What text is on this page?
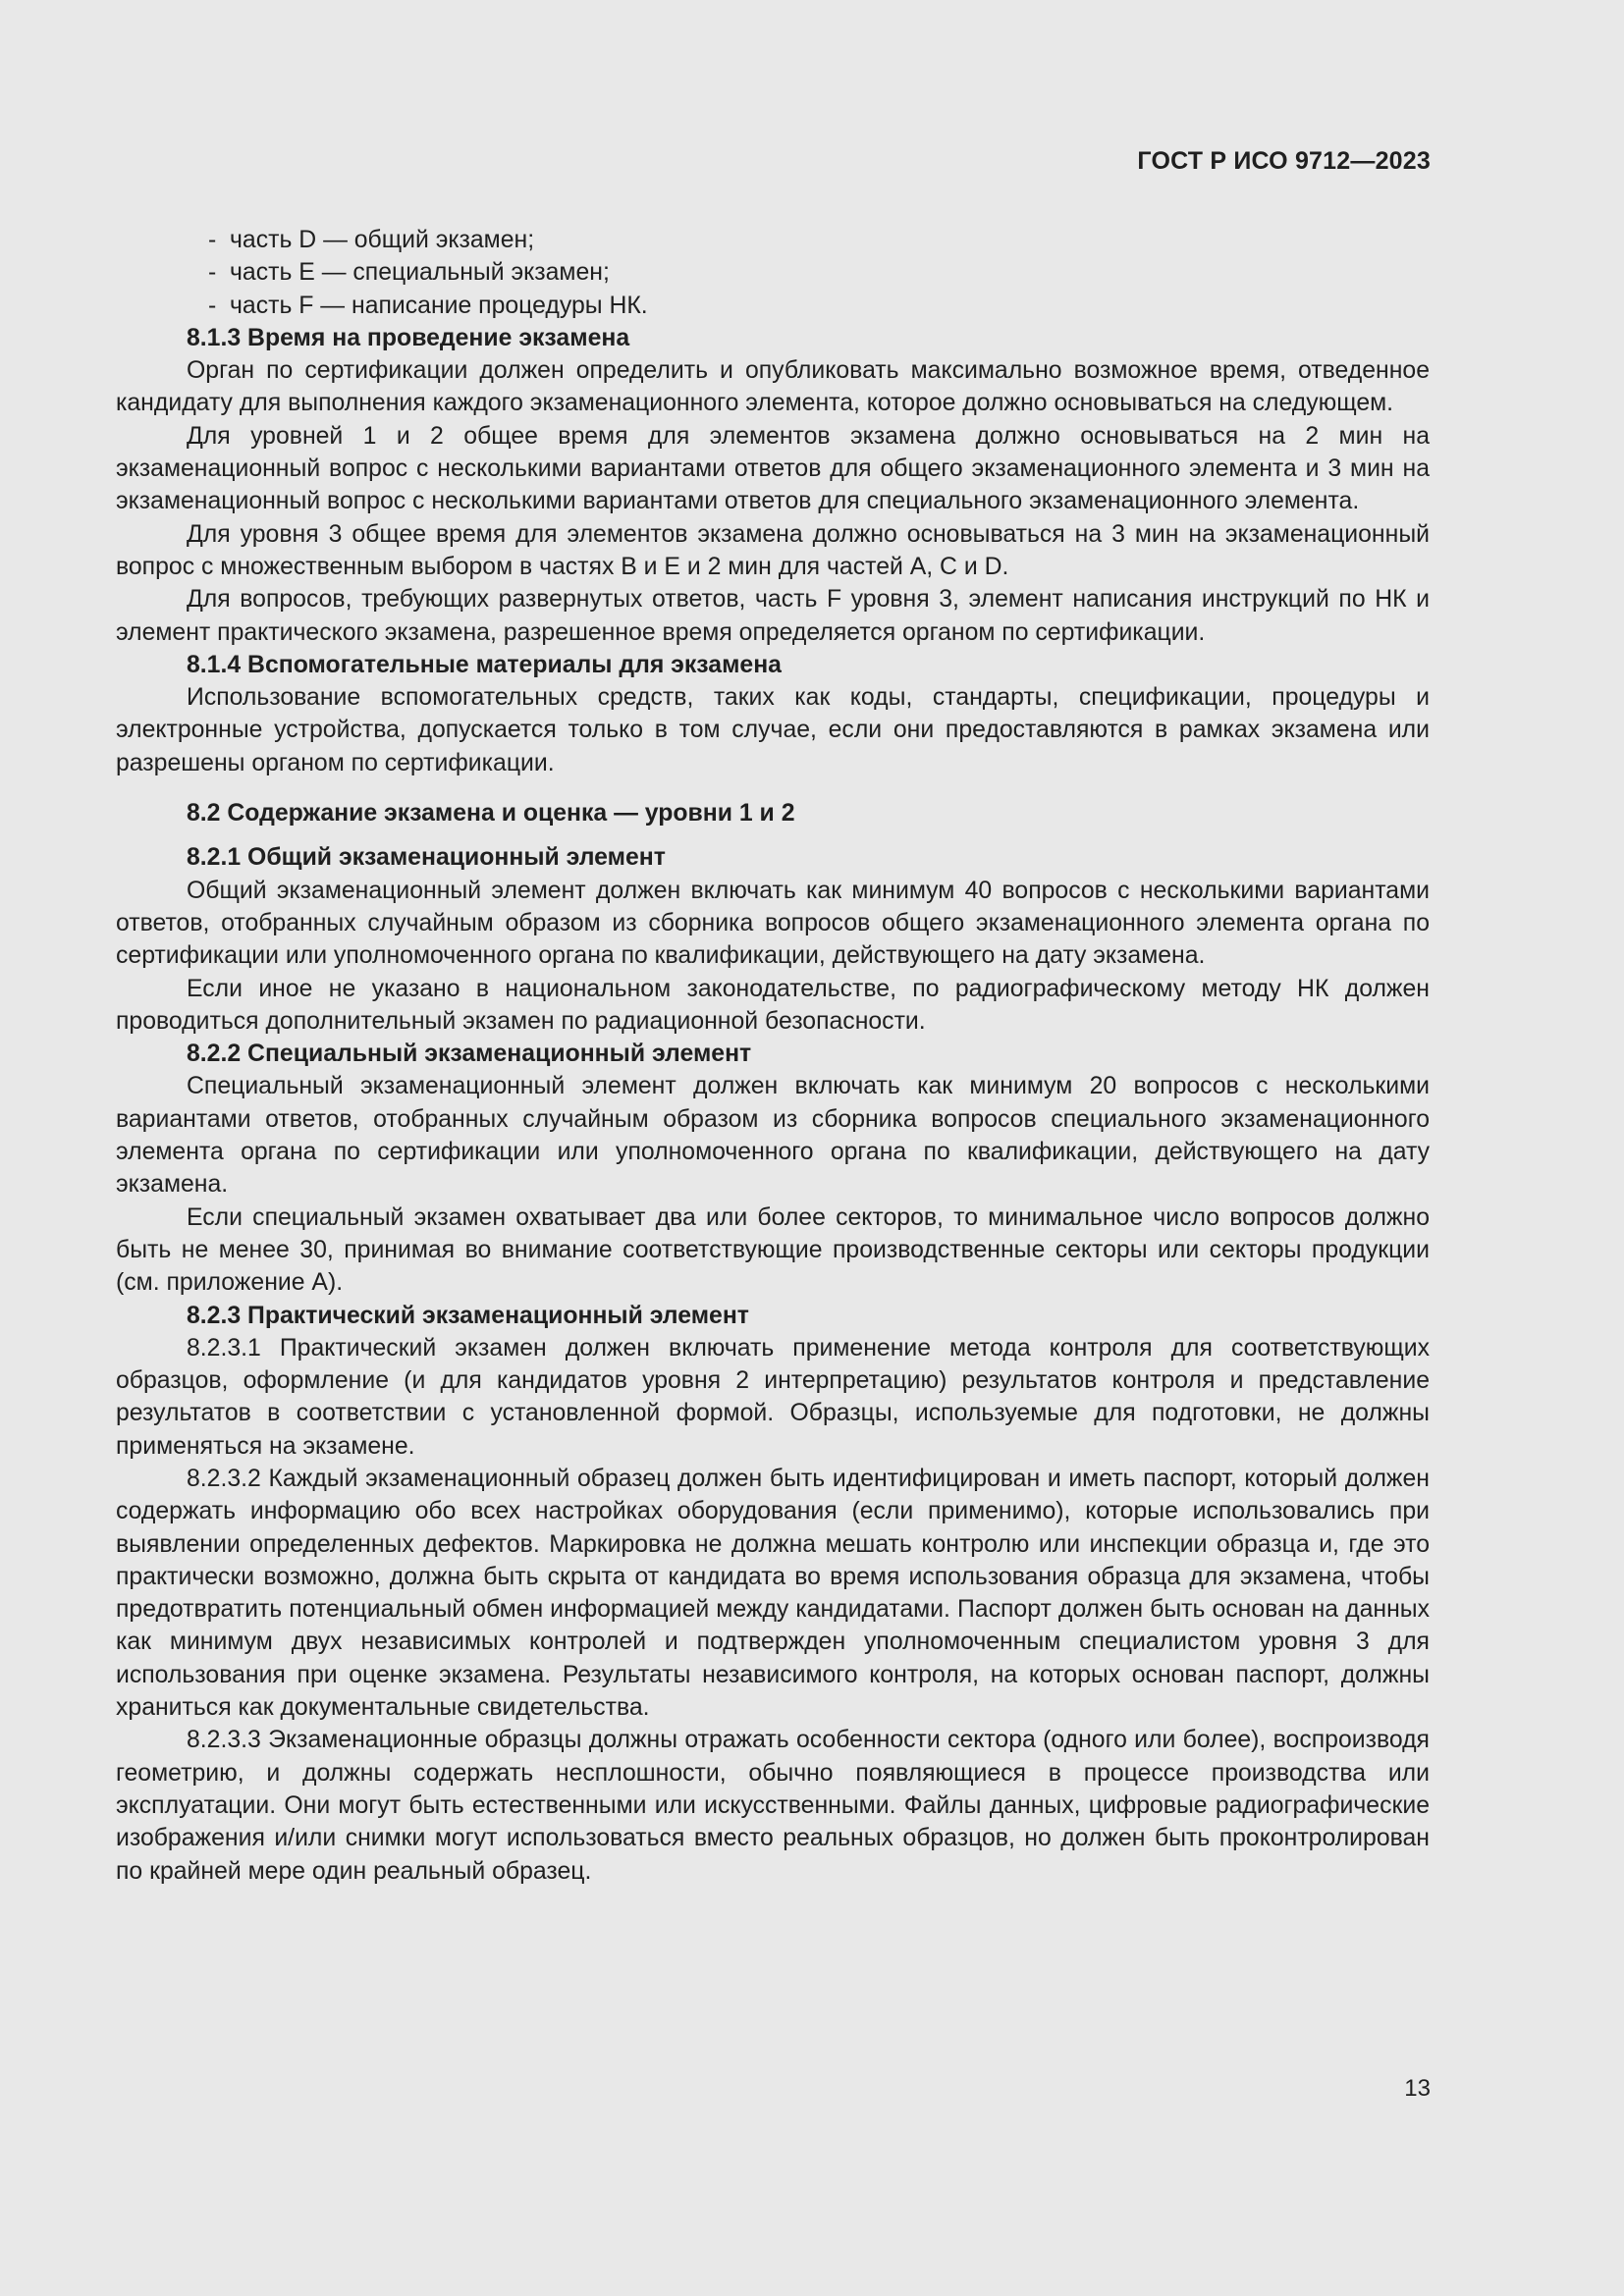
ГОСТ Р ИСО 9712—2023
- часть D — общий экзамен;
- часть E — специальный экзамен;
- часть F — написание процедуры НК.
8.1.3 Время на проведение экзамена

Орган по сертификации должен определить и опубликовать максимально возможное время, отведенное кандидату для выполнения каждого экзаменационного элемента, которое должно основываться на следующем.

Для уровней 1 и 2 общее время для элементов экзамена должно основываться на 2 мин на экзаменационный вопрос с несколькими вариантами ответов для общего экзаменационного элемента и 3 мин на экзаменационный вопрос с несколькими вариантами ответов для специального экзаменационного элемента.

Для уровня 3 общее время для элементов экзамена должно основываться на 3 мин на экзаменационный вопрос с множественным выбором в частях B и E и 2 мин для частей A, C и D.

Для вопросов, требующих развернутых ответов, часть F уровня 3, элемент написания инструкций по НК и элемент практического экзамена, разрешенное время определяется органом по сертификации.

8.1.4 Вспомогательные материалы для экзамена

Использование вспомогательных средств, таких как коды, стандарты, спецификации, процедуры и электронные устройства, допускается только в том случае, если они предоставляются в рамках экзамена или разрешены органом по сертификации.

8.2 Содержание экзамена и оценка — уровни 1 и 2
8.2.1 Общий экзаменационный элемент

Общий экзаменационный элемент должен включать как минимум 40 вопросов с несколькими вариантами ответов, отобранных случайным образом из сборника вопросов общего экзаменационного элемента органа по сертификации или уполномоченного органа по квалификации, действующего на дату экзамена.

Если иное не указано в национальном законодательстве, по радиографическому методу НК должен проводиться дополнительный экзамен по радиационной безопасности.

8.2.2 Специальный экзаменационный элемент

Специальный экзаменационный элемент должен включать как минимум 20 вопросов с несколькими вариантами ответов, отобранных случайным образом из сборника вопросов специального экзаменационного элемента органа по сертификации или уполномоченного органа по квалификации, действующего на дату экзамена.

Если специальный экзамен охватывает два или более секторов, то минимальное число вопросов должно быть не менее 30, принимая во внимание соответствующие производственные секторы или секторы продукции (см. приложение А).

8.2.3 Практический экзаменационный элемент

8.2.3.1 Практический экзамен должен включать применение метода контроля для соответствующих образцов, оформление (и для кандидатов уровня 2 интерпретацию) результатов контроля и представление результатов в соответствии с установленной формой. Образцы, используемые для подготовки, не должны применяться на экзамене.

8.2.3.2 Каждый экзаменационный образец должен быть идентифицирован и иметь паспорт, который должен содержать информацию обо всех настройках оборудования (если применимо), которые использовались при выявлении определенных дефектов. Маркировка не должна мешать контролю или инспекции образца и, где это практически возможно, должна быть скрыта от кандидата во время использования образца для экзамена, чтобы предотвратить потенциальный обмен информацией между кандидатами. Паспорт должен быть основан на данных как минимум двух независимых контролей и подтвержден уполномоченным специалистом уровня 3 для использования при оценке экзамена. Результаты независимого контроля, на которых основан паспорт, должны храниться как документальные свидетельства.

8.2.3.3 Экзаменационные образцы должны отражать особенности сектора (одного или более), воспроизводя геометрию, и должны содержать несплошности, обычно появляющиеся в процессе производства или эксплуатации. Они могут быть естественными или искусственными. Файлы данных, цифровые радиографические изображения и/или снимки могут использоваться вместо реальных образцов, но должен быть проконтролирован по крайней мере один реальный образец.

13
